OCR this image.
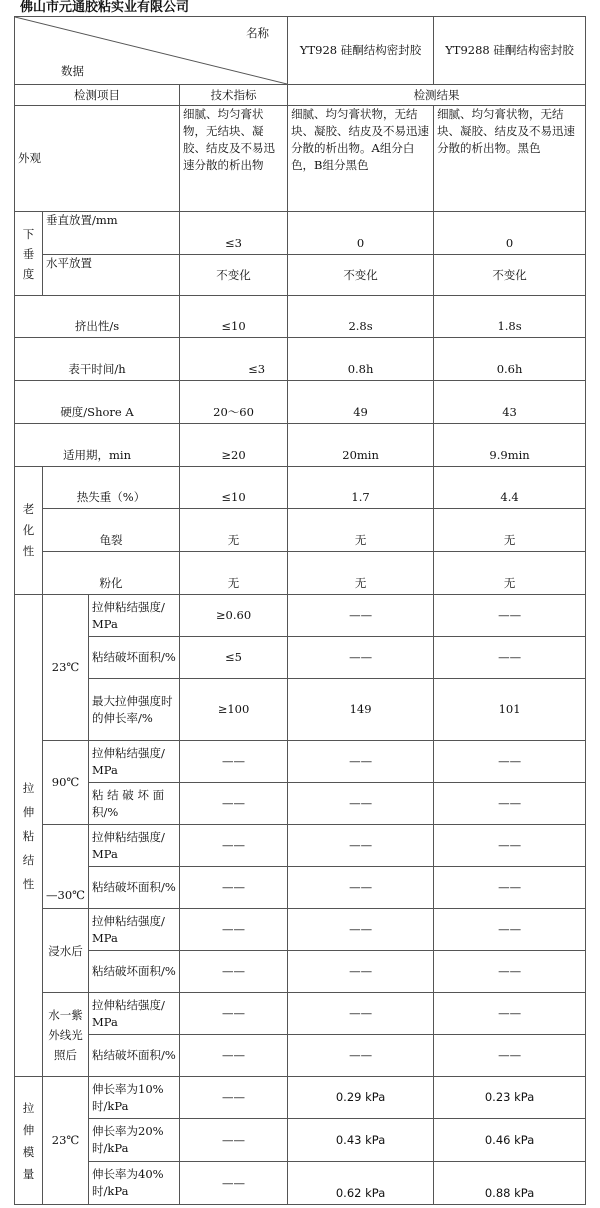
佛山市元通胶粘实业有限公司
名称
数据				YT928 硅酮结构密封胶	YT9288 硅酮结构密封胶
检测项目			技术指标	检测结果	
外观			细腻、均匀膏状物，无结块、凝胶、结皮及不易迅速分散的析出物	细腻、均匀膏状物，无结块、凝胶、结皮及不易迅速分散的析出物。A组分白色，B组分黑色	细腻、均匀膏状物，无结块、凝胶、结皮及不易迅速分散的析出物。黑色
下垂度	垂直放置/mm		≤3	0	0
	水平放置		不变化	不变化	不变化
挤出性/s			≤10	2.8s	1.8s
表干时间/h			≤3	0.8h	0.6h
硬度/Shore A			20～60	49	43
适用期，min			≥20	20min	9.9min
老化性	热失重（%）		≤10	1.7	4.4
	龟裂		无	无	无
	粉化		无	无	无
拉伸粘结性	23℃	拉伸粘结强度/MPa	≥0.60	——	——
		粘结破坏面积/%	≤5	——	——
		最大拉伸强度时的伸长率/%	≥100	149	101
	90℃	拉伸粘结强度/MPa	——	——	——
		粘 结 破 坏 面积/%	——	——	——
	—30℃	拉伸粘结强度/MPa	——	——	——
		粘结破坏面积/%	——	——	——
	浸水后	拉伸粘结强度/MPa	——	——	——
		粘结破坏面积/%	——	——	——
	水一紫外线光照后	拉伸粘结强度/MPa	——	——	——
		粘结破坏面积/%	——	——	——
拉伸模量	23℃	伸长率为10%时/kPa	——	0.29 kPa	0.23 kPa
		伸长率为20%时/kPa	——	0.43 kPa	0.46 kPa
		伸长率为40%时/kPa	——	0.62 kPa	0.88 kPa
